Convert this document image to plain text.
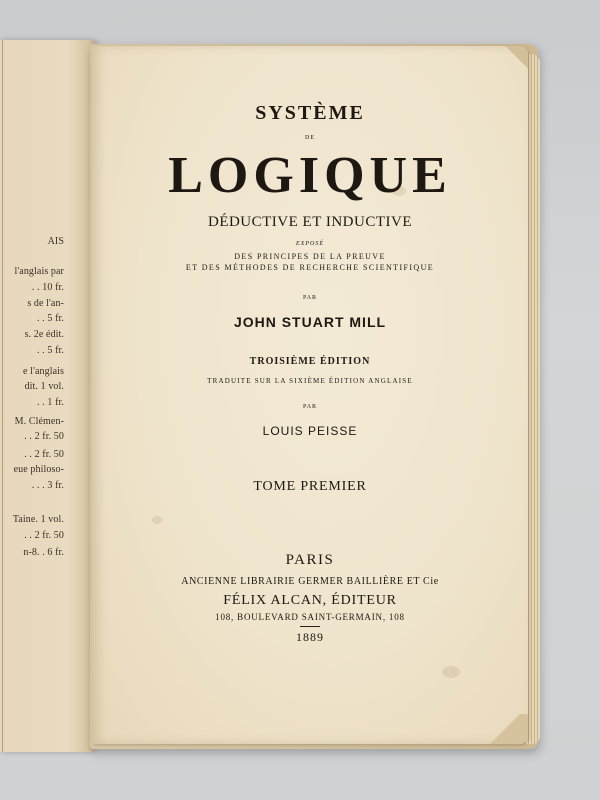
AIS
l'anglais par
. . 10 fr.
s de l'an-
. . 5 fr.
s. 2e édit.
. . 5 fr.
e l'anglais
dit. 1 vol.
. . 1 fr.
M. Clémen-
. . 2 fr. 50
. . 2 fr. 50
eue philoso-
. . . 3 fr.
Taine. 1 vol.
. . 2 fr. 50
n-8. . 6 fr.
SYSTÈME
DE
LOGIQUE
DÉDUCTIVE ET INDUCTIVE
EXPOSÉ
DES PRINCIPES DE LA PREUVE
ET DES MÉTHODES DE RECHERCHE SCIENTIFIQUE
PAR
JOHN STUART MILL
TROISIÈME ÉDITION
TRADUITE SUR LA SIXIÈME ÉDITION ANGLAISE
PAR
LOUIS PEISSE
TOME PREMIER
PARIS
ANCIENNE LIBRAIRIE GERMER BAILLIÈRE ET Cie
FÉLIX ALCAN, ÉDITEUR
108, BOULEVARD SAINT-GERMAIN, 108
1889
